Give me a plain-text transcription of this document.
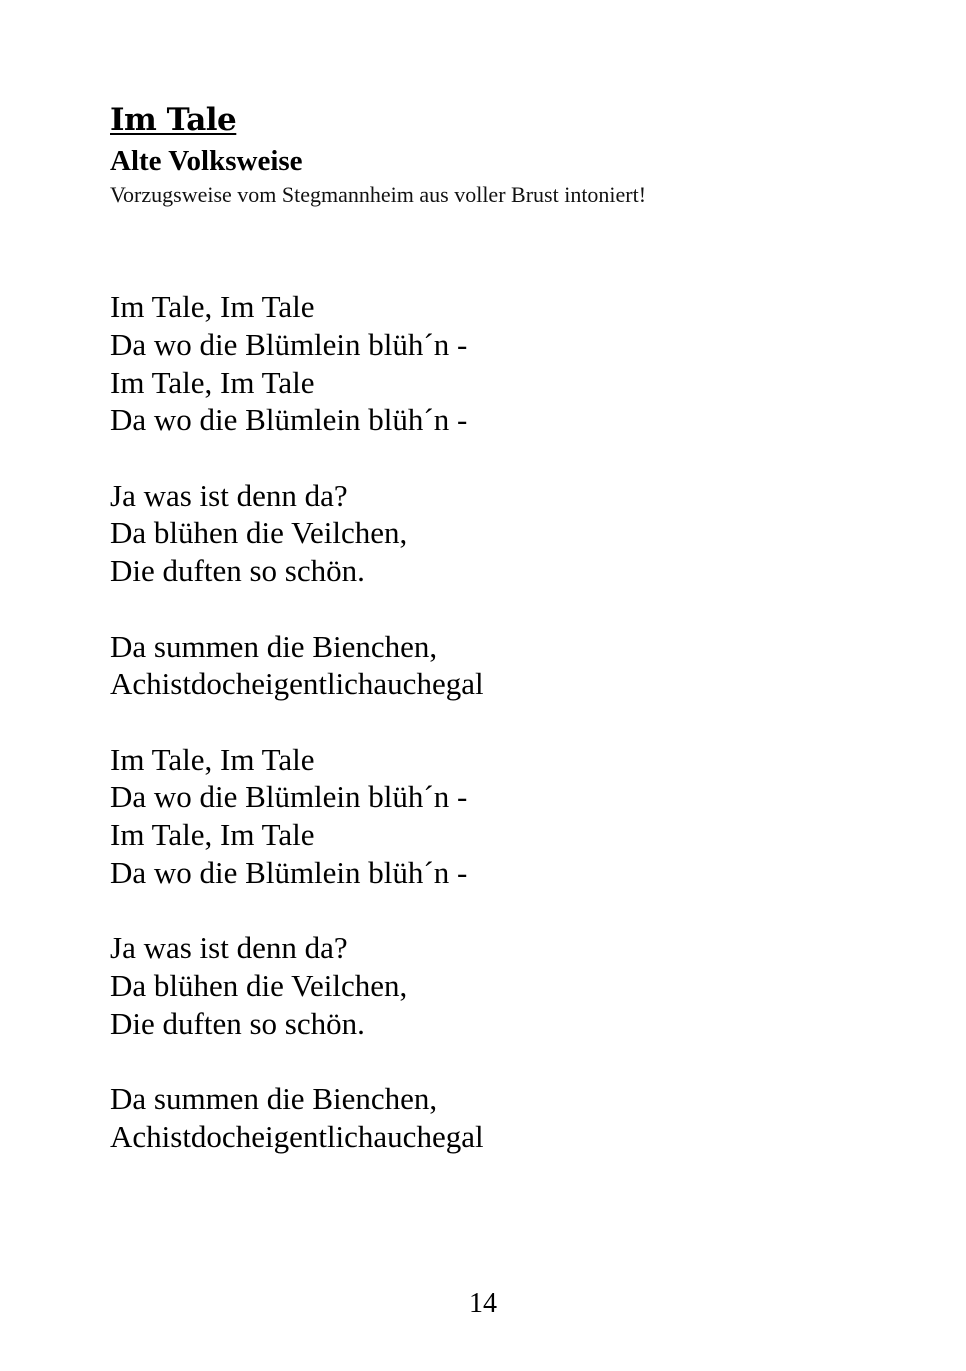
Im Tale
Alte Volksweise
Vorzugsweise vom Stegmannheim aus voller Brust intoniert!
Im Tale, Im Tale
Da wo die Blümlein blüh´n -
Im Tale, Im Tale
Da wo die Blümlein blüh´n -
Ja was ist denn da?
Da blühen die Veilchen,
Die duften so schön.
Da summen die Bienchen,
Achistdocheigentlichauchegal
Im Tale, Im Tale
Da wo die Blümlein blüh´n -
Im Tale, Im Tale
Da wo die Blümlein blüh´n -
Ja was ist denn da?
Da blühen die Veilchen,
Die duften so schön.
Da summen die Bienchen,
Achistdocheigentlichauchegal
14
